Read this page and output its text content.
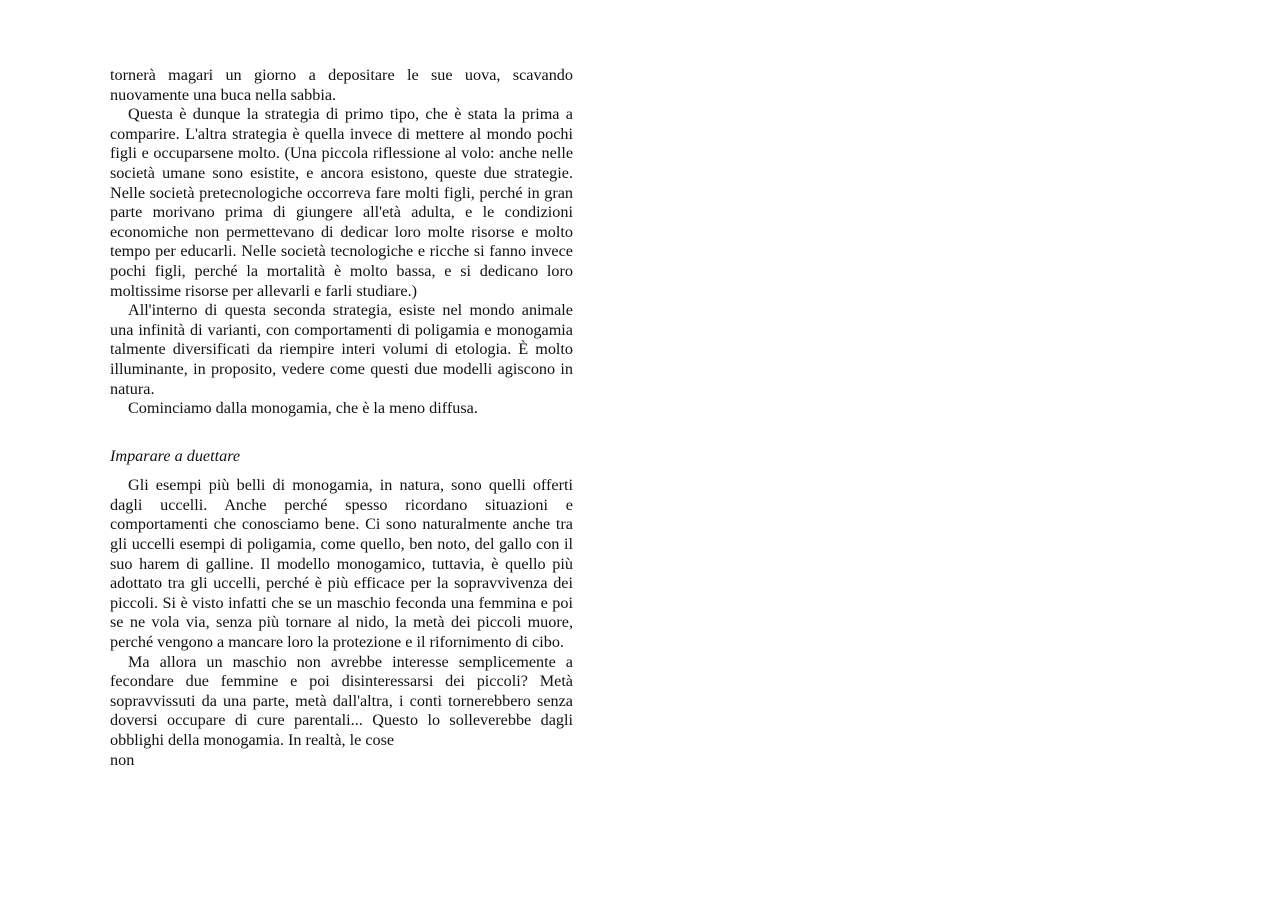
tornerà magari un giorno a depositare le sue uova, scavando nuovamente una buca nella sabbia.

Questa è dunque la strategia di primo tipo, che è stata la prima a comparire. L'altra strategia è quella invece di mettere al mondo pochi figli e occuparsene molto. (Una piccola riflessione al volo: anche nelle società umane sono esistite, e ancora esistono, queste due strategie. Nelle società pretecnologiche occorreva fare molti figli, perché in gran parte morivano prima di giungere all'età adulta, e le condizioni economiche non permettevano di dedicar loro molte risorse e molto tempo per educarli. Nelle società tecnologiche e ricche si fanno invece pochi figli, perché la mortalità è molto bassa, e si dedicano loro moltissime risorse per allevarli e farli studiare.)

All'interno di questa seconda strategia, esiste nel mondo animale una infinità di varianti, con comportamenti di poligamia e monogamia talmente diversificati da riempire interi volumi di etologia. È molto illuminante, in proposito, vedere come questi due modelli agiscono in natura.

Cominciamo dalla monogamia, che è la meno diffusa.

Imparare a duettare

Gli esempi più belli di monogamia, in natura, sono quelli offerti dagli uccelli. Anche perché spesso ricordano situazioni e comportamenti che conosciamo bene. Ci sono naturalmente anche tra gli uccelli esempi di poligamia, come quello, ben noto, del gallo con il suo harem di galline. Il modello monogamico, tuttavia, è quello più adottato tra gli uccelli, perché è più efficace per la sopravvivenza dei piccoli. Si è visto infatti che se un maschio feconda una femmina e poi se ne vola via, senza più tornare al nido, la metà dei piccoli muore, perché vengono a mancare loro la protezione e il rifornimento di cibo.

Ma allora un maschio non avrebbe interesse semplicemente a fecondare due femmine e poi disinteressarsi dei piccoli? Metà sopravvissuti da una parte, metà dall'altra, i conti tornerebbero senza doversi occupare di cure parentali... Questo lo solleverebbe dagli obblighi della monogamia. In realtà, le cose

non
